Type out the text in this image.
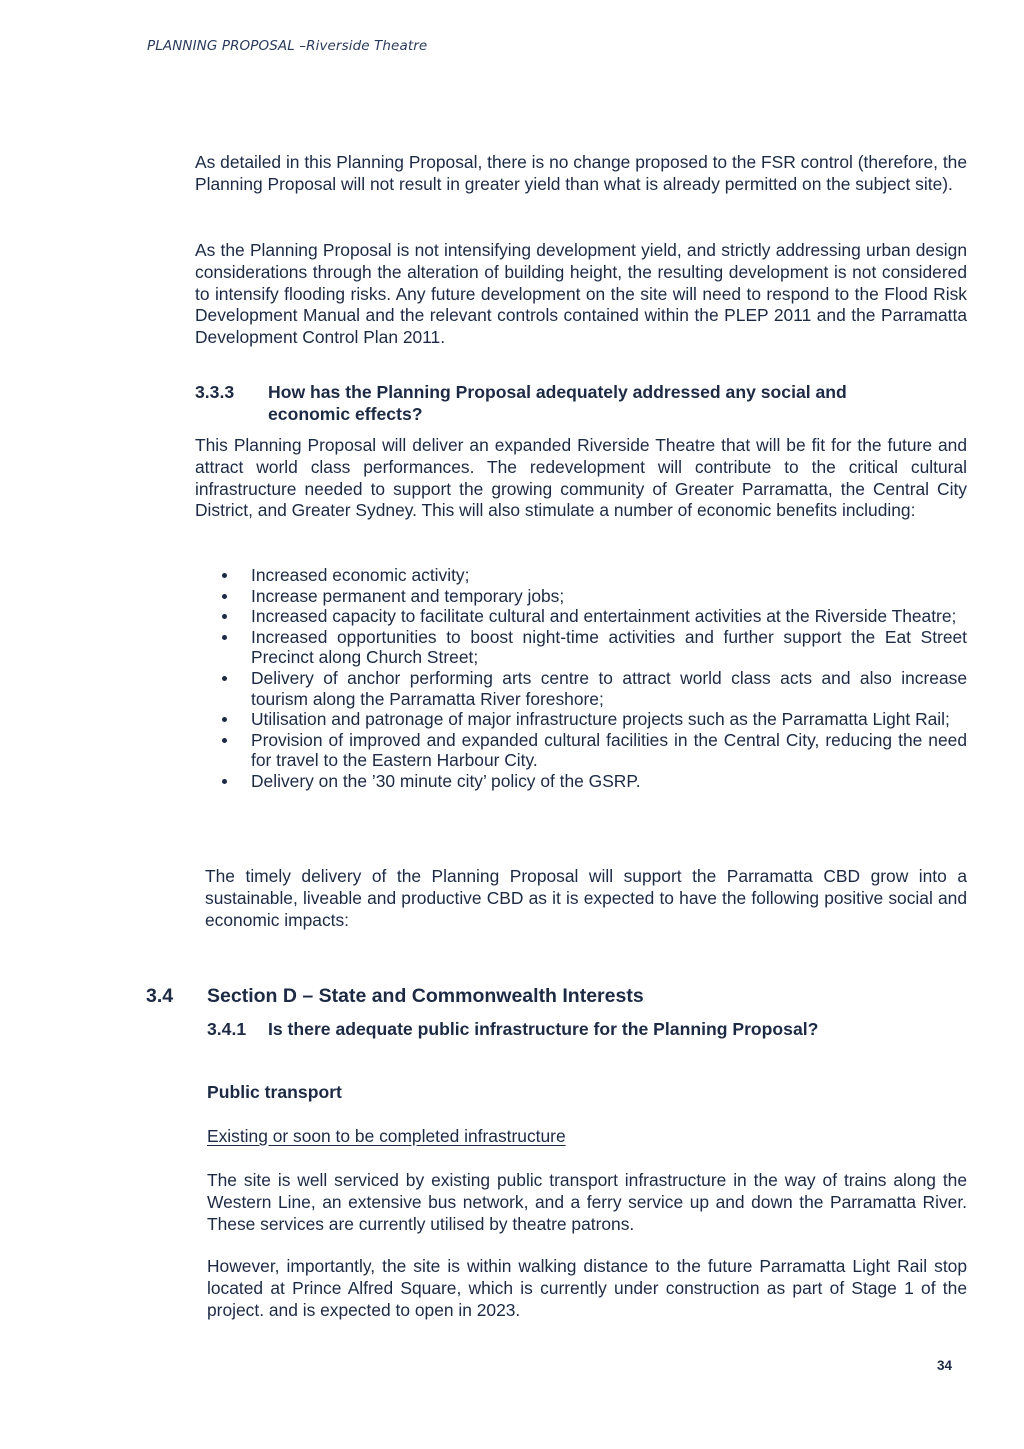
PLANNING PROPOSAL –Riverside Theatre

As detailed in this Planning Proposal, there is no change proposed to the FSR control (therefore, the Planning Proposal will not result in greater yield than what is already permitted on the subject site).

As the Planning Proposal is not intensifying development yield, and strictly addressing urban design considerations through the alteration of building height, the resulting development is not considered to intensify flooding risks. Any future development on the site will need to respond to the Flood Risk Development Manual and the relevant controls contained within the PLEP 2011 and the Parramatta Development Control Plan 2011.

3.3.3 How has the Planning Proposal adequately addressed any social and economic effects?

This Planning Proposal will deliver an expanded Riverside Theatre that will be fit for the future and attract world class performances. The redevelopment will contribute to the critical cultural infrastructure needed to support the growing community of Greater Parramatta, the Central City District, and Greater Sydney. This will also stimulate a number of economic benefits including:

Increased economic activity;
Increase permanent and temporary jobs;
Increased capacity to facilitate cultural and entertainment activities at the Riverside Theatre;
Increased opportunities to boost night-time activities and further support the Eat Street Precinct along Church Street;
Delivery of anchor performing arts centre to attract world class acts and also increase tourism along the Parramatta River foreshore;
Utilisation and patronage of major infrastructure projects such as the Parramatta Light Rail;
Provision of improved and expanded cultural facilities in the Central City, reducing the need for travel to the Eastern Harbour City.
Delivery on the ’30 minute city’ policy of the GSRP.

The timely delivery of the Planning Proposal will support the Parramatta CBD grow into a sustainable, liveable and productive CBD as it is expected to have the following positive social and economic impacts:

3.4 Section D – State and Commonwealth Interests
3.4.1 Is there adequate public infrastructure for the Planning Proposal?
Public transport
Existing or soon to be completed infrastructure

The site is well serviced by existing public transport infrastructure in the way of trains along the Western Line, an extensive bus network, and a ferry service up and down the Parramatta River. These services are currently utilised by theatre patrons.

However, importantly, the site is within walking distance to the future Parramatta Light Rail stop located at Prince Alfred Square, which is currently under construction as part of Stage 1 of the project. and is expected to open in 2023.

34
